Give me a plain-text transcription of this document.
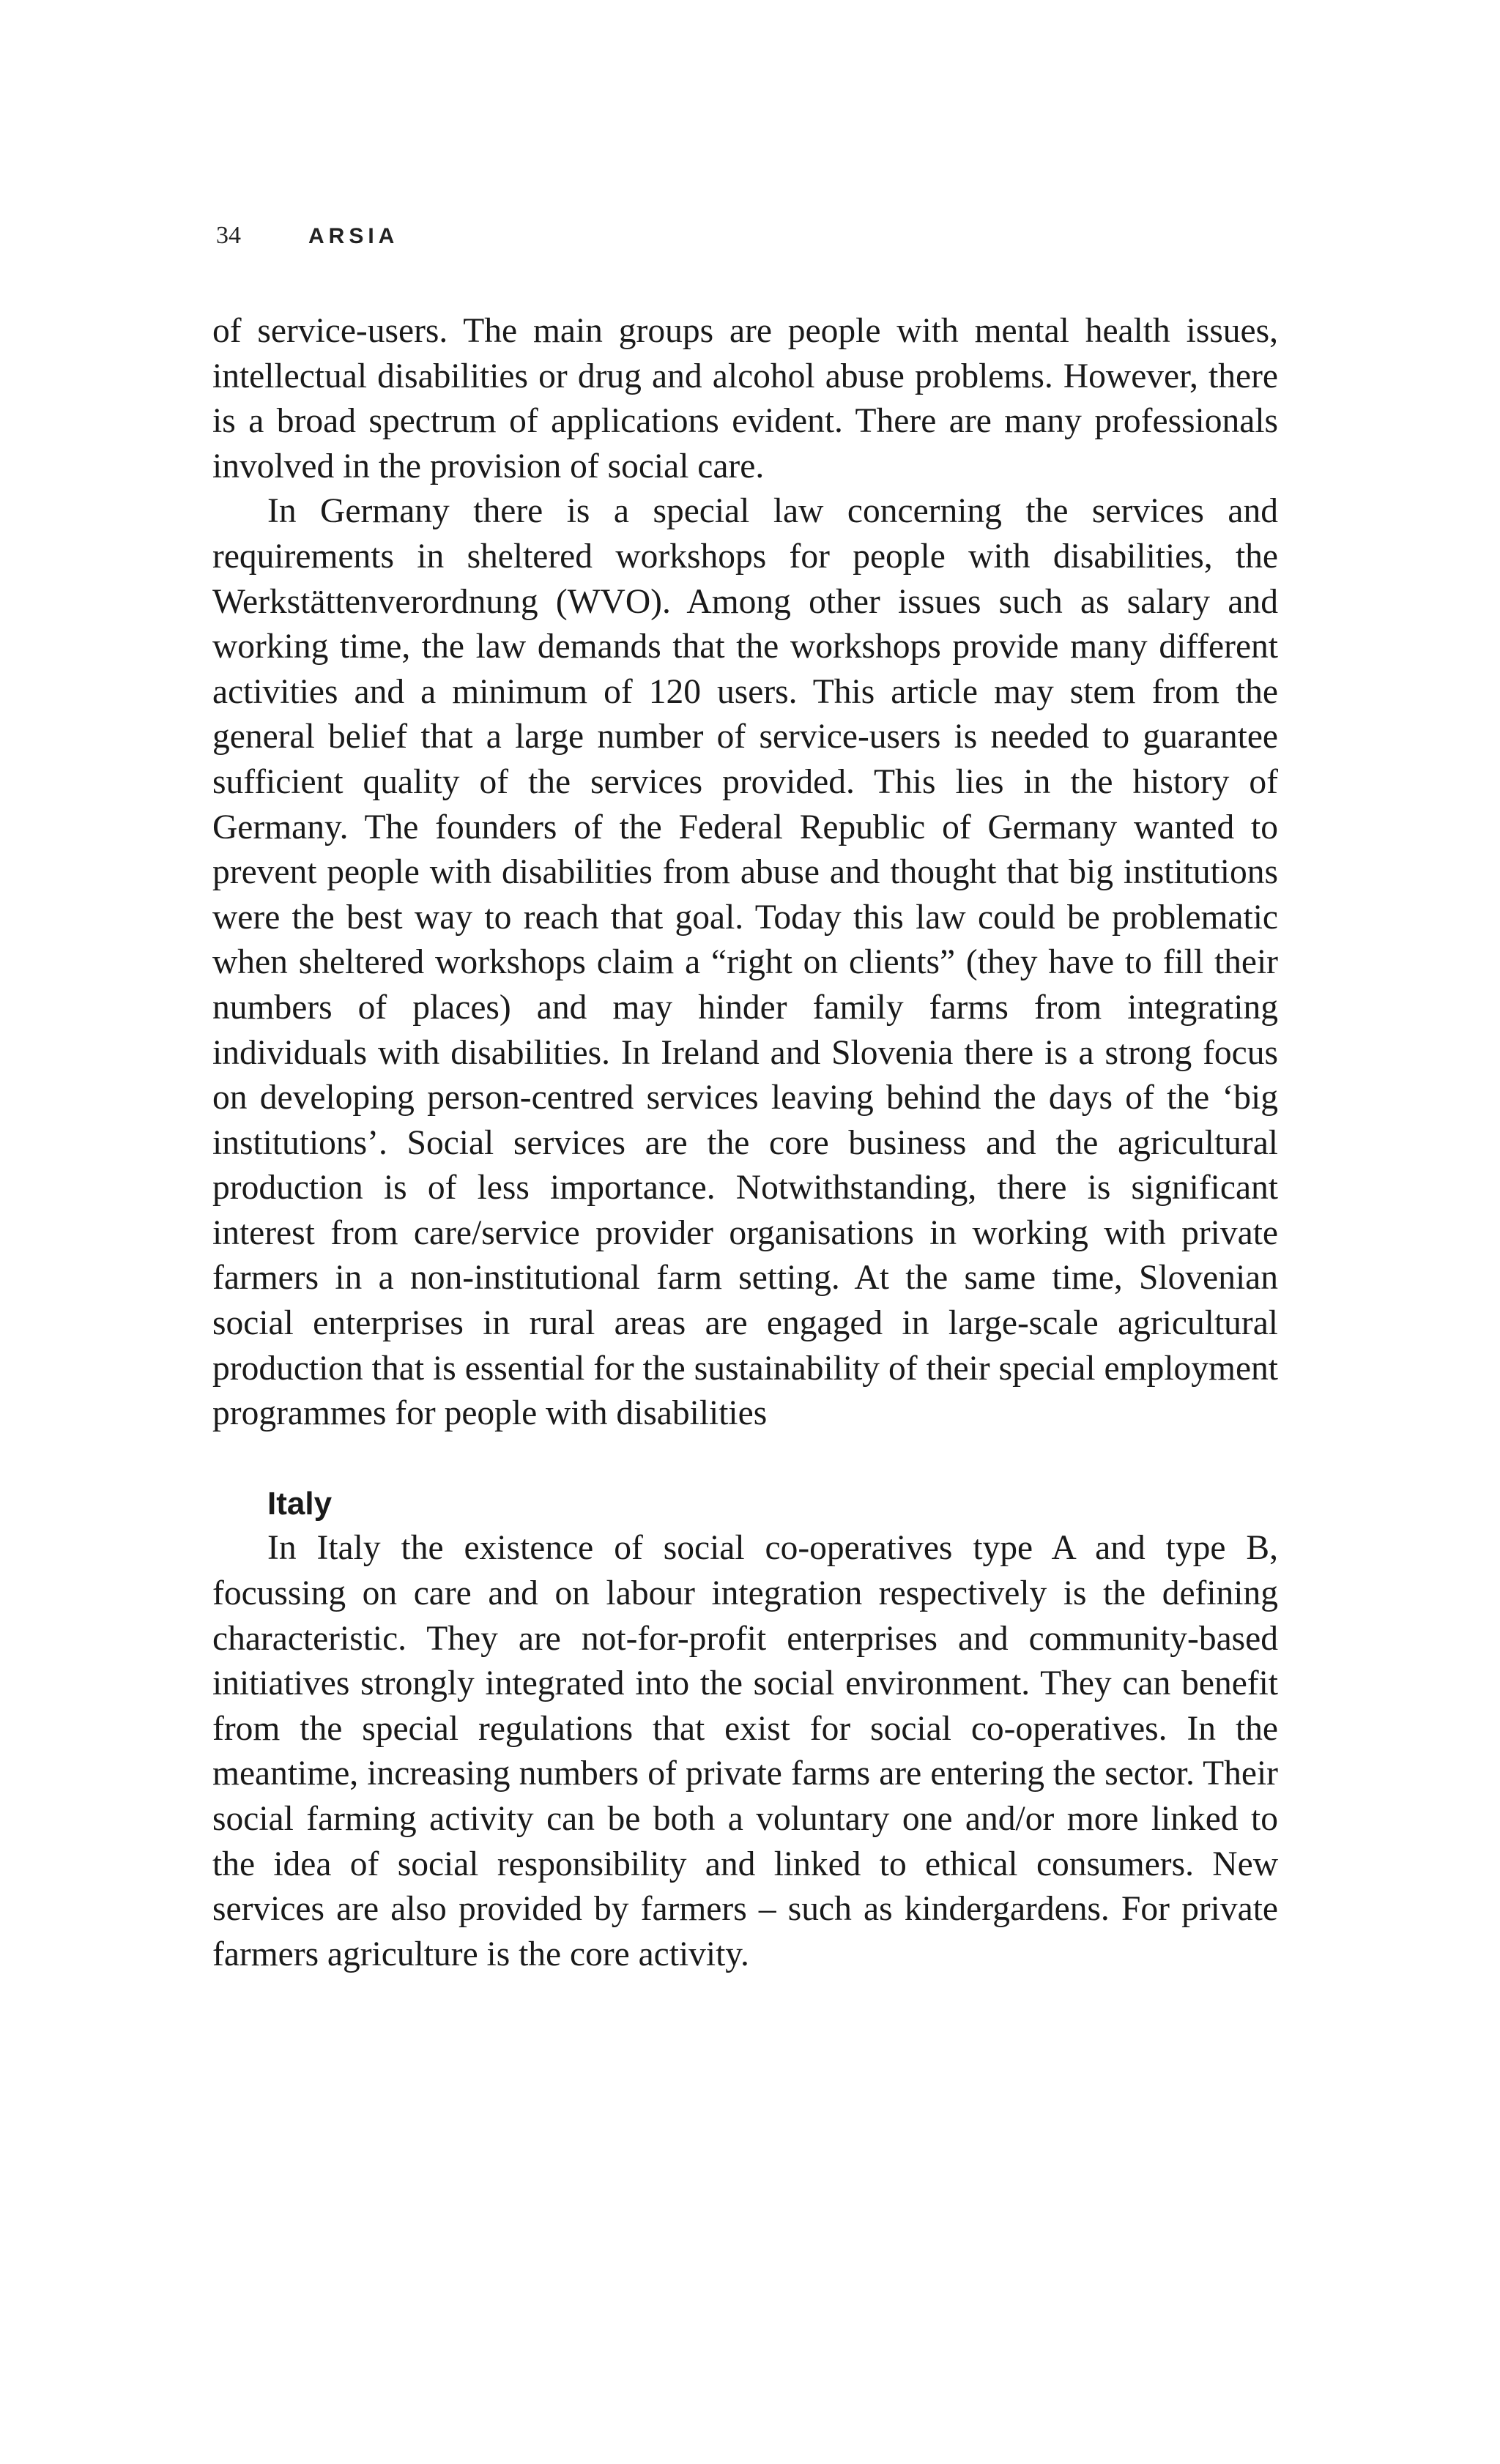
34	ARSIA

of service-users. The main groups are people with mental health issues, intellectual disabilities or drug and alcohol abuse problems. However, there is a broad spectrum of applications evident. There are many professionals involved in the provision of social care.

In Germany there is a special law concerning the services and requirements in sheltered workshops for people with disabilities, the Werkstättenverordnung (WVO). Among other issues such as salary and working time, the law demands that the workshops provide many different activities and a minimum of 120 users. This article may stem from the general belief that a large number of service-users is needed to guarantee sufficient quality of the services provided. This lies in the history of Germany. The founders of the Federal Republic of Germany wanted to prevent people with disabilities from abuse and thought that big institutions were the best way to reach that goal. Today this law could be problematic when sheltered workshops claim a “right on clients” (they have to fill their numbers of places) and may hinder family farms from integrating individuals with disabilities. In Ireland and Slovenia there is a strong focus on developing person-centred services leaving behind the days of the ‘big institutions’. Social services are the core business and the agricultural production is of less importance. Notwithstanding, there is significant interest from care/service provider organisations in working with private farmers in a non-institutional farm setting. At the same time, Slovenian social enterprises in rural areas are engaged in large-scale agricultural production that is essential for the sustainability of their special employment programmes for people with disabilities

Italy

In Italy the existence of social co-operatives type A and type B, focussing on care and on labour integration respectively is the defining characteristic. They are not-for-profit enterprises and community-based initiatives strongly integrated into the social environment. They can benefit from the special regulations that exist for social co-operatives. In the meantime, increasing numbers of private farms are entering the sector. Their social farming activity can be both a voluntary one and/or more linked to the idea of social responsibility and linked to ethical consumers. New services are also provided by farmers – such as kindergardens. For private farmers agriculture is the core activity.
